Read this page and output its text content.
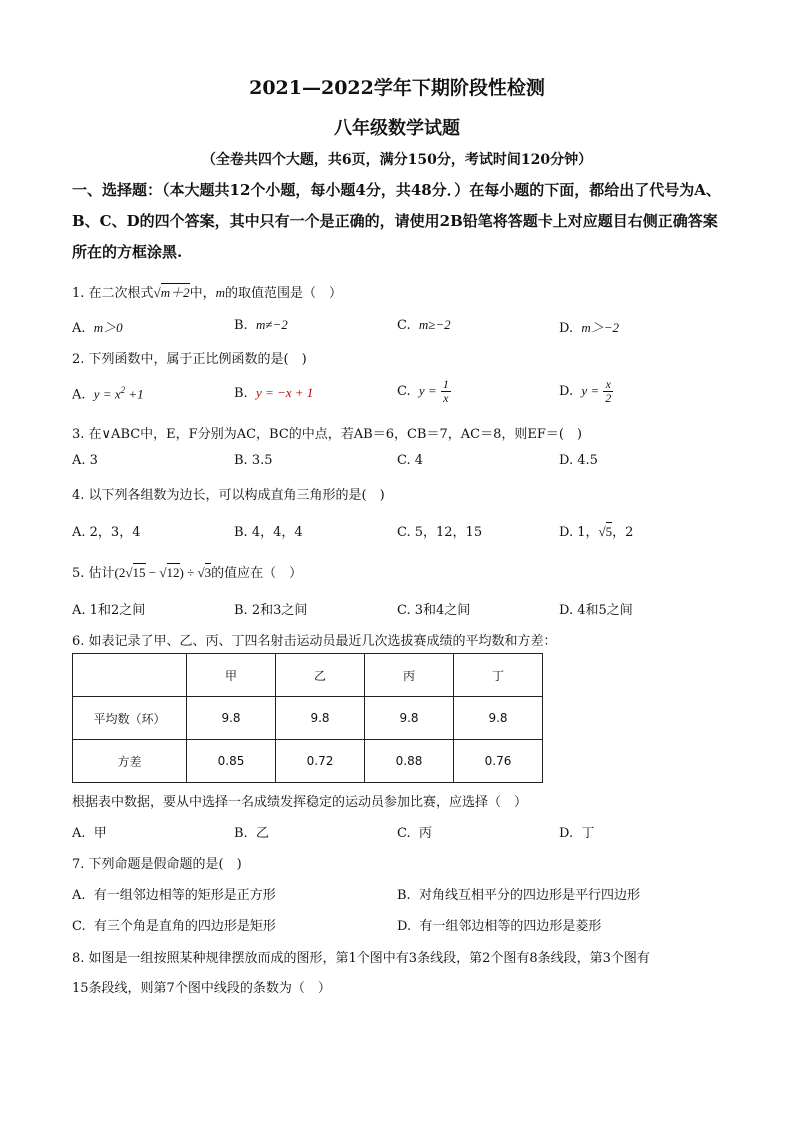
2021—2022学年下期阶段性检测
八年级数学试题
（全卷共四个大题，共6页，满分150分，考试时间120分钟）
一、选择题：（本大题共12个小题，每小题4分，共48分．）在每小题的下面，都给出了代号为A、B、C、D的四个答案，其中只有一个是正确的，请使用2B铅笔将答题卡上对应题目右侧正确答案所在的方框涂黑.
1. 在二次根式√m＋2中，m的取值范围是（　）
A. m＞0	B. m≠−2	C. m≥−2	D. m＞−2
2. 下列函数中，属于正比例函数的是(　)
A. $y = x^2 +1$	B. y = −x + 1	C. $y = \frac{1}{x}$	D. $y = \frac{x}{2}$
3. 在∨ABC中，E，F分别为AC，BC的中点，若AB＝6，CB＝7，AC＝8，则EF＝(　)
A. 3	B. 3.5	C. 4	D. 4.5
4. 以下列各组数为边长，可以构成直角三角形的是(　)
A. 2，3，4	B. 4，4，4	C. 5，12，15	D. 1，√5，2
5. 估计(2√15 − √12) ÷ √3的值应在（　）
A. 1和2之间	B. 2和3之间	C. 3和4之间	D. 4和5之间
6. 如表记录了甲、乙、丙、丁四名射击运动员最近几次选拔赛成绩的平均数和方差：
	甲	乙	丙	丁
平均数（环）	9.8	9.8	9.8	9.8
方差	0.85	0.72	0.88	0.76
根据表中数据，要从中选择一名成绩发挥稳定的运动员参加比赛，应选择（　）
A. 甲	B. 乙	C. 丙	D. 丁
7. 下列命题是假命题的是(　)
A. 有一组邻边相等的矩形是正方形	B. 对角线互相平分的四边形是平行四边形
C. 有三个角是直角的四边形是矩形	D. 有一组邻边相等的四边形是菱形
8. 如图是一组按照某种规律摆放而成的图形，第1个图中有3条线段，第2个图有8条线段，第3个图有
15条段线，则第7个图中线段的条数为（　）
